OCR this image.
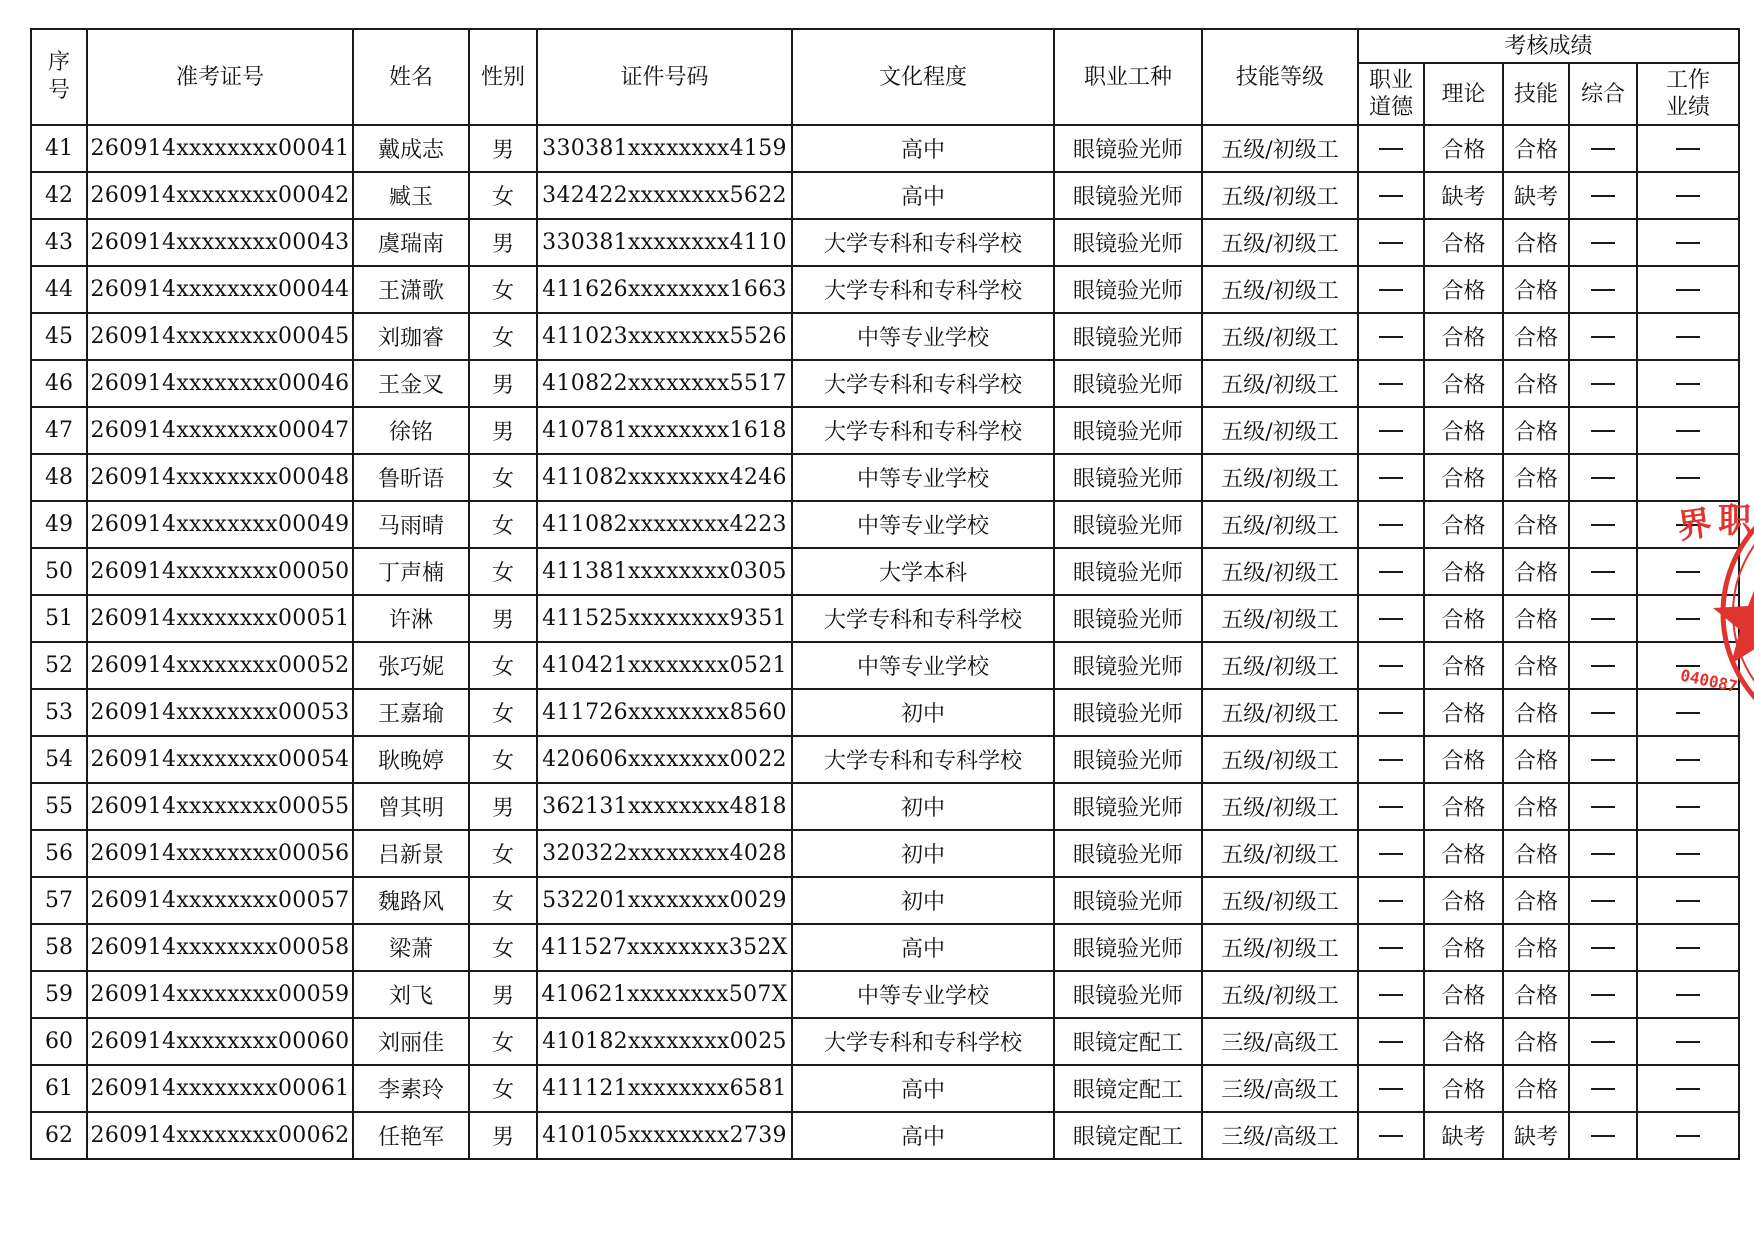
序号	准考证号	姓名	性别	证件号码	文化程度	职业工种	技能等级	考核成绩				
								职业道德	理论	技能	综合	工作业绩
41	260914xxxxxxxx00041	戴成志	男	330381xxxxxxxx4159	高中	眼镜验光师	五级/初级工		合格	合格		
42	260914xxxxxxxx00042	臧玉	女	342422xxxxxxxx5622	高中	眼镜验光师	五级/初级工		缺考	缺考		
43	260914xxxxxxxx00043	虞瑞南	男	330381xxxxxxxx4110	大学专科和专科学校	眼镜验光师	五级/初级工		合格	合格		
44	260914xxxxxxxx00044	王潇歌	女	411626xxxxxxxx1663	大学专科和专科学校	眼镜验光师	五级/初级工		合格	合格		
45	260914xxxxxxxx00045	刘珈睿	女	411023xxxxxxxx5526	中等专业学校	眼镜验光师	五级/初级工		合格	合格		
46	260914xxxxxxxx00046	王金叉	男	410822xxxxxxxx5517	大学专科和专科学校	眼镜验光师	五级/初级工		合格	合格		
47	260914xxxxxxxx00047	徐铭	男	410781xxxxxxxx1618	大学专科和专科学校	眼镜验光师	五级/初级工		合格	合格		
48	260914xxxxxxxx00048	鲁昕语	女	411082xxxxxxxx4246	中等专业学校	眼镜验光师	五级/初级工		合格	合格		
49	260914xxxxxxxx00049	马雨晴	女	411082xxxxxxxx4223	中等专业学校	眼镜验光师	五级/初级工		合格	合格		
50	260914xxxxxxxx00050	丁声楠	女	411381xxxxxxxx0305	大学本科	眼镜验光师	五级/初级工		合格	合格		
51	260914xxxxxxxx00051	许淋	男	411525xxxxxxxx9351	大学专科和专科学校	眼镜验光师	五级/初级工		合格	合格		
52	260914xxxxxxxx00052	张巧妮	女	410421xxxxxxxx0521	中等专业学校	眼镜验光师	五级/初级工		合格	合格		
53	260914xxxxxxxx00053	王嘉瑜	女	411726xxxxxxxx8560	初中	眼镜验光师	五级/初级工		合格	合格		
54	260914xxxxxxxx00054	耿晚婷	女	420606xxxxxxxx0022	大学专科和专科学校	眼镜验光师	五级/初级工		合格	合格		
55	260914xxxxxxxx00055	曾其明	男	362131xxxxxxxx4818	初中	眼镜验光师	五级/初级工		合格	合格		
56	260914xxxxxxxx00056	吕新景	女	320322xxxxxxxx4028	初中	眼镜验光师	五级/初级工		合格	合格		
57	260914xxxxxxxx00057	魏路风	女	532201xxxxxxxx0029	初中	眼镜验光师	五级/初级工		合格	合格		
58	260914xxxxxxxx00058	梁萧	女	411527xxxxxxxx352X	高中	眼镜验光师	五级/初级工		合格	合格		
59	260914xxxxxxxx00059	刘飞	男	410621xxxxxxxx507X	中等专业学校	眼镜验光师	五级/初级工		合格	合格		
60	260914xxxxxxxx00060	刘丽佳	女	410182xxxxxxxx0025	大学专科和专科学校	眼镜定配工	三级/高级工		合格	合格		
61	260914xxxxxxxx00061	李素玲	女	411121xxxxxxxx6581	高中	眼镜定配工	三级/高级工		合格	合格		
62	260914xxxxxxxx00062	任艳军	男	410105xxxxxxxx2739	高中	眼镜定配工	三级/高级工		缺考	缺考		
界 职
040087
